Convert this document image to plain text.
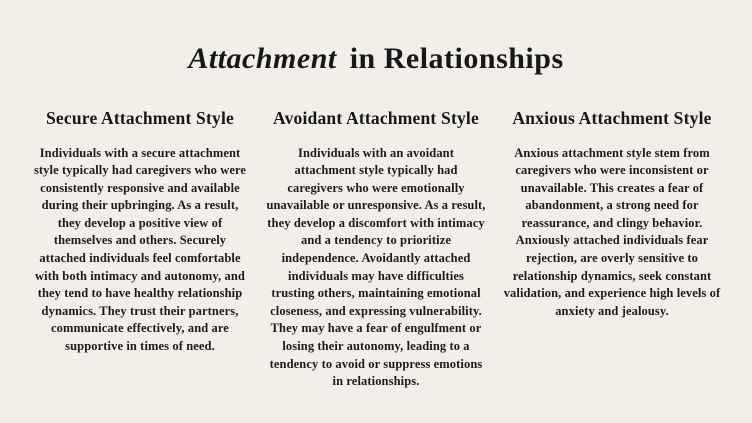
Attachment in Relationships
Secure Attachment Style

Individuals with a secure attachment style typically had caregivers who were consistently responsive and available during their upbringing. As a result, they develop a positive view of themselves and others. Securely attached individuals feel comfortable with both intimacy and autonomy, and they tend to have healthy relationship dynamics. They trust their partners, communicate effectively, and are supportive in times of need.

Avoidant Attachment Style

Individuals with an avoidant attachment style typically had caregivers who were emotionally unavailable or unresponsive. As a result, they develop a discomfort with intimacy and a tendency to prioritize independence. Avoidantly attached individuals may have difficulties trusting others, maintaining emotional closeness, and expressing vulnerability. They may have a fear of engulfment or losing their autonomy, leading to a tendency to avoid or suppress emotions in relationships.

Anxious Attachment Style

Anxious attachment style stem from caregivers who were inconsistent or unavailable. This creates a fear of abandonment, a strong need for reassurance, and clingy behavior. Anxiously attached individuals fear rejection, are overly sensitive to relationship dynamics, seek constant validation, and experience high levels of anxiety and jealousy.
